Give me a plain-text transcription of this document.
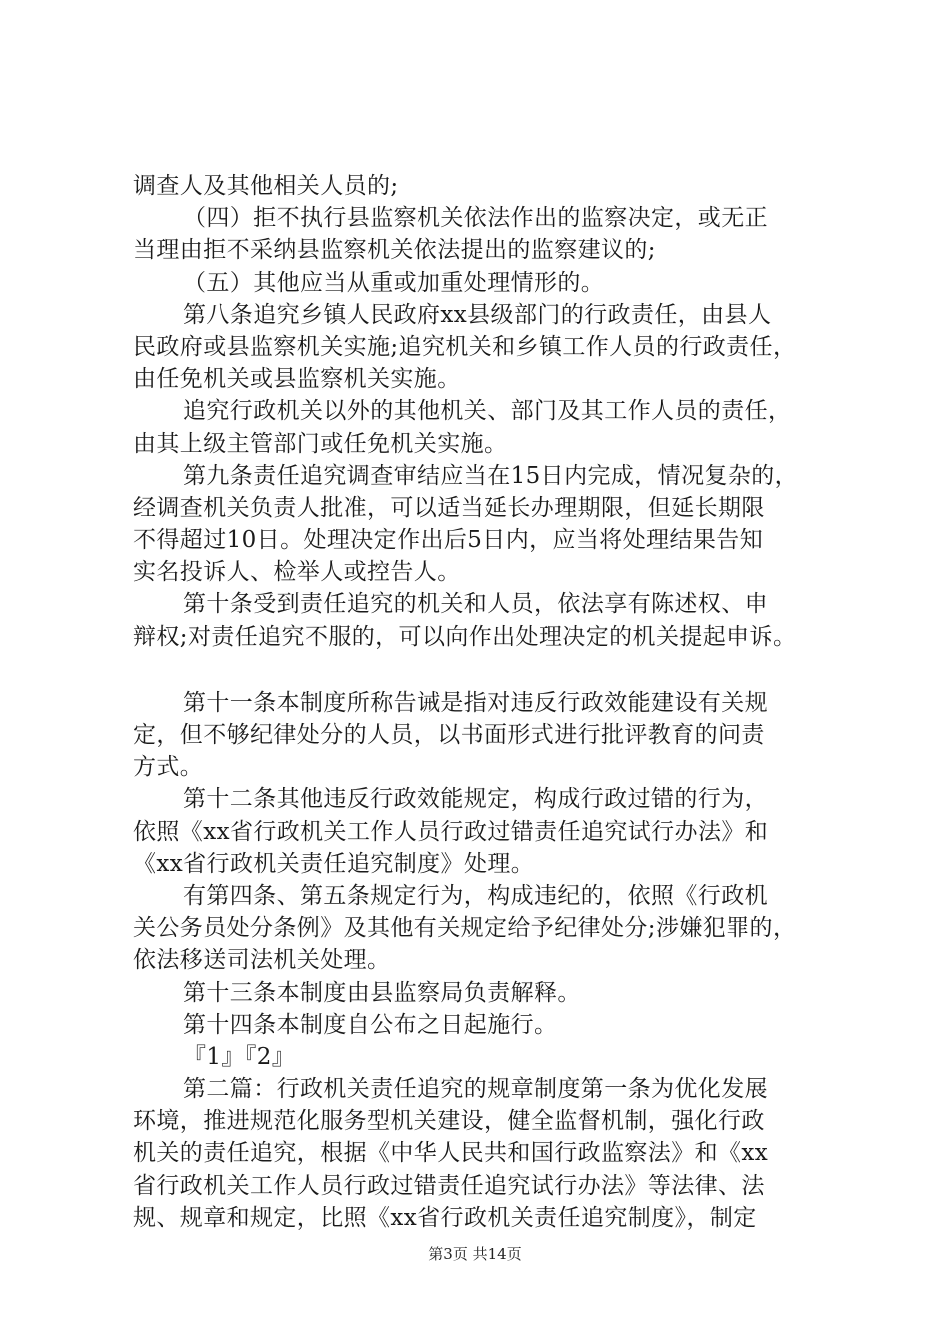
调查人及其他相关人员的;
（四）拒不执行县监察机关依法作出的监察决定，或无正
当理由拒不采纳县监察机关依法提出的监察建议的;
（五）其他应当从重或加重处理情形的。
第八条追究乡镇人民政府xx县级部门的行政责任，由县人
民政府或县监察机关实施;追究机关和乡镇工作人员的行政责任，
由任免机关或县监察机关实施。
追究行政机关以外的其他机关、部门及其工作人员的责任，
由其上级主管部门或任免机关实施。
第九条责任追究调查审结应当在15日内完成，情况复杂的，
经调查机关负责人批准，可以适当延长办理期限，但延长期限
不得超过10日。处理决定作出后5日内，应当将处理结果告知
实名投诉人、检举人或控告人。
第十条受到责任追究的机关和人员，依法享有陈述权、申
辩权;对责任追究不服的，可以向作出处理决定的机关提起申诉。
第十一条本制度所称告诫是指对违反行政效能建设有关规
定，但不够纪律处分的人员，以书面形式进行批评教育的问责
方式。
第十二条其他违反行政效能规定，构成行政过错的行为，
依照《xx省行政机关工作人员行政过错责任追究试行办法》和
《xx省行政机关责任追究制度》处理。
有第四条、第五条规定行为，构成违纪的，依照《行政机
关公务员处分条例》及其他有关规定给予纪律处分;涉嫌犯罪的，
依法移送司法机关处理。
第十三条本制度由县监察局负责解释。
第十四条本制度自公布之日起施行。
『1』『2』
第二篇：行政机关责任追究的规章制度第一条为优化发展
环境，推进规范化服务型机关建设，健全监督机制，强化行政
机关的责任追究，根据《中华人民共和国行政监察法》和《xx
省行政机关工作人员行政过错责任追究试行办法》等法律、法
规、规章和规定，比照《xx省行政机关责任追究制度》，制定
第3页 共14页
